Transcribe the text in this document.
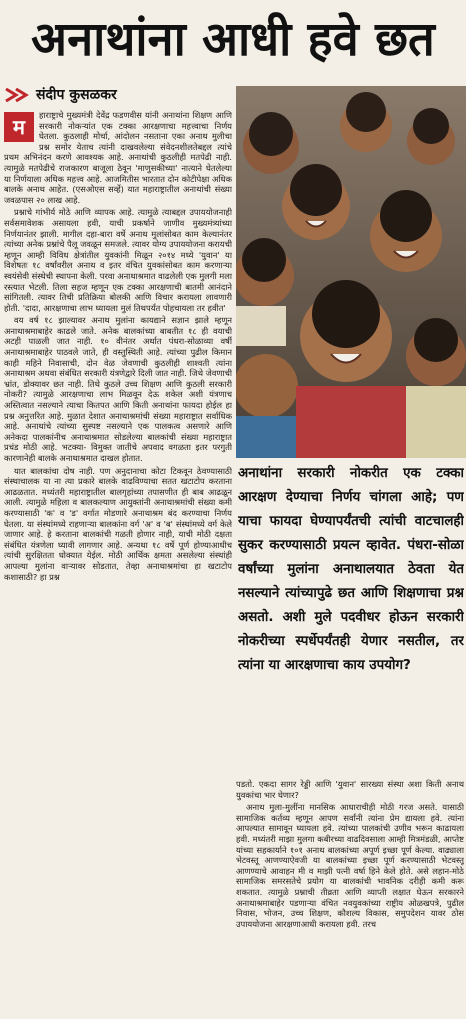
अनाथांना आधी हवे छत
संदीप कुसळकर

म	हाराष्ट्राचे मुख्यमंत्री देवेंद्र फडणवीस यांनी अनाथांना शिक्षण आणि सरकारी नोकऱ्यांत एक टक्का आरक्षणाचा महत्त्वाचा निर्णय घेतला. कुठलाही मोर्चा, आंदोलन नसताना एका अनाथ मुलीचा प्रश्न समोर येताच त्यांनी दाखवलेल्या संवेदनशीलतेबद्दल त्यांचे प्रथम अभिनंदन करणे आवश्यक आहे. अनाथांची कुठलीही मतपेढी नाही. त्यामुळे मतपेढीचे राजकारण बाजूला ठेवून 'माणुसकीच्या' नात्याने घेतलेल्या या निर्णयाला अधिक महत्त्व आहे. आजमितीस भारतात दोन कोटीपेक्षा अधिक बालके अनाथ आहेत. (एसओएस सर्व्हे) यात महाराष्ट्रातील अनाथांची संख्या जवळपास २० लाख आहे.

प्रश्नाचे गांभीर्य मोठे आणि व्यापक आहे. त्यामुळे त्याबद्दल उपाययोजनाही सर्वसमावेशक असायला हवी, याची प्रकर्षाने जाणीव मुख्यमंत्र्यांच्या निर्णयानंतर झाली. मागील दहा-बारा वर्षे अनाथ मुलांसोबत काम केल्यानंतर त्यांच्या अनेक प्रश्नांचे पैलू जवळून समजले. त्यावर योग्य उपाययोजना करायची म्हणून आम्ही विविध क्षेत्रांतील युवकांनी मिळून २०१४ मध्ये 'युवान' या विशेषतः १८ वर्षांवरील अनाथ व इतर वंचित युवकांसोबत काम करणाऱ्या स्वयंसेवी संस्थेची स्थापना केली. परवा अनाथाश्रमात वाढलेली एक मुलगी मला रस्त्यात भेटली. तिला सहज म्हणून एक टक्का आरक्षणाची बातमी आनंदाने सांगितली. त्यावर तिची प्रतिक्रिया बोलकी आणि विचार करायला लावणारी होती. 'दादा, आरक्षणाचा लाभ घ्यायला मुलं तिथपर्यंत पोहचायला तर हवीत'

वय वर्ष १८ झाल्यावर अनाथ मुलांना कायद्याने सज्ञान झाले म्हणून अनाथाश्रमाबाहेर काढले जाते. अनेक बालकांच्या बाबतीत १८ ही वयाची अटही पाळली जात नाही. १० वीनंतर अर्थात पंधरा-सोळाव्या वर्षी अनाथाश्रमाबाहेर पाठवले जाते, ही वस्तुस्थिती आहे. त्यांच्या पुढील किमान काही महिने निवासाची, दोन वेळ जेवणाची कुठलीही शाश्वती त्यांना अनाथाश्रम अथवा संबंधित सरकारी यंत्रणेद्वारे दिली जात नाही. जिथे जेवणाची भ्रांत, डोक्यावर छत नाही. तिथे कुठले उच्च शिक्षण आणि कुठली सरकारी नोकरी? त्यामुळे आरक्षणाचा लाभ मिळवून देऊ शकेल अशी यंत्रणाच अस्तित्वात नसल्याने त्याचा कितपत आणि किती अनाथांना फायदा होईल हा प्रश्न अनुत्तरित आहे. मुळात देशात अनाथाश्रमांची संख्या महाराष्ट्रात सर्वाधिक आहे. अनाथांचे त्यांच्या सुस्पष्ट नसल्याने एक पालकत्व असणारे आणि अनेकदा पालकांनीच अनाथाश्रमात सोडलेल्या बालकांची संख्या महाराष्ट्रात प्रचंड मोठी आहे. भटक्या- विमुक्त जातीचे अपवाद वगळता इतर परगुती कारणानेही बालके अनाथाश्रमात दाखल होतात.

यात बालकांचा दोष नाही. पण अनुदानाचा कोटा टिकवून ठेवण्यासाठी संस्थाचालक या ना त्या प्रकारे बालके वाढविण्याचा सतत खटाटोप करताना आढळतात. मध्यंतरी महाराष्ट्रातील बालगृहांच्या तपासणीत ही बाब आढळून आली. त्यामुळे महिला व बालकल्याण आयुक्तांनी अनाथाश्रमांची संख्या कमी करण्यासाठी 'क' व 'ड' वर्गात मोडणारे अनाथाश्रम बंद करण्याचा निर्णय घेतला. या संस्थांमध्ये राहणाऱ्या बालकांना वर्ग 'अ' व 'ब' संस्थांमध्ये वर्ग केले जाणार आहे. हे करताना बालकांची गळती होणार नाही, याची मोठी दक्षता संबंधित यंत्रणेला घ्यावी लागणार आहे. अन्यथा १८ वर्षे पूर्ण होण्याआधीच त्यांची सुरक्षितता धोक्यात येईल. मोठी आर्थिक क्षमता असलेल्या संस्थांही आपल्या मुलांना वाऱ्यावर सोडतात, तेव्हा अनाथाश्रमांचा हा खटाटोप कशासाठी? हा प्रश्न

अनाथांना सरकारी नोकरीत एक टक्का आरक्षण देण्याचा निर्णय चांगला आहे; पण याचा फायदा घेण्यापर्यंतची त्यांची वाटचालही सुकर करण्यासाठी प्रयत्न व्हावेत. पंधरा-सोळा वर्षांच्या मुलांना अनाथालयात ठेवता येत नसल्याने त्यांच्यापुढे छत आणि शिक्षणाचा प्रश्न असतो. अशी मुले पदवीधर होऊन सरकारी नोकरीच्या स्पर्धेपर्यंतही येणार नसतील, तर त्यांना या आरक्षणाचा काय उपयोग?

पडतो. एकदा सागर रेड्डी आणि 'युवान' सारख्या संस्था अशा किती अनाथ युवकांचा भार घेणार?

अनाथ मुला-मुलींना मानसिक आधाराचीही मोठी गरज असते. यासाठी सामाजिक कर्तव्य म्हणून आपण सर्वांनी त्यांना प्रेम द्यायला हवे. त्यांना आपल्यात सामावून घ्यायला हवे. त्यांच्या पालकांची उणीव भरून काढायला हवी. मध्यंतरी माझा मुलगा कबीरच्या वाढदिवसाला आम्ही मित्रमंडळी, आप्तेष्ट यांच्या सहकार्याने १०१ अनाथ बालकांच्या अपूर्ण इच्छा पूर्ण केल्या. वाढ्याला भेटवस्तू आणण्याऐवजी या बालकांच्या इच्छा पूर्ण करण्यासाठी भेटवस्तू आणण्याचे आवाहन मी व माझी पत्नी वर्षा हिने केले होते. असे लहान-मोठे सामाजिक समरसतेचे प्रयोग या बालकांची भावनिक दरीही कमी करू शकतात. त्यामुळे प्रश्नाची तीव्रता आणि व्याप्ती लक्षात घेऊन सरकारने अनाथाश्रमाबाहेर पडणाऱ्या वंचित नवयुवकांच्या राष्ट्रीय ओळखपत्रे, पुढील निवास, भोजन, उच्च शिक्षण, कौशल्य विकास, समुपदेशन यावर ठोस उपाययोजना आरक्षणाआधी करायला हवी. तरच
